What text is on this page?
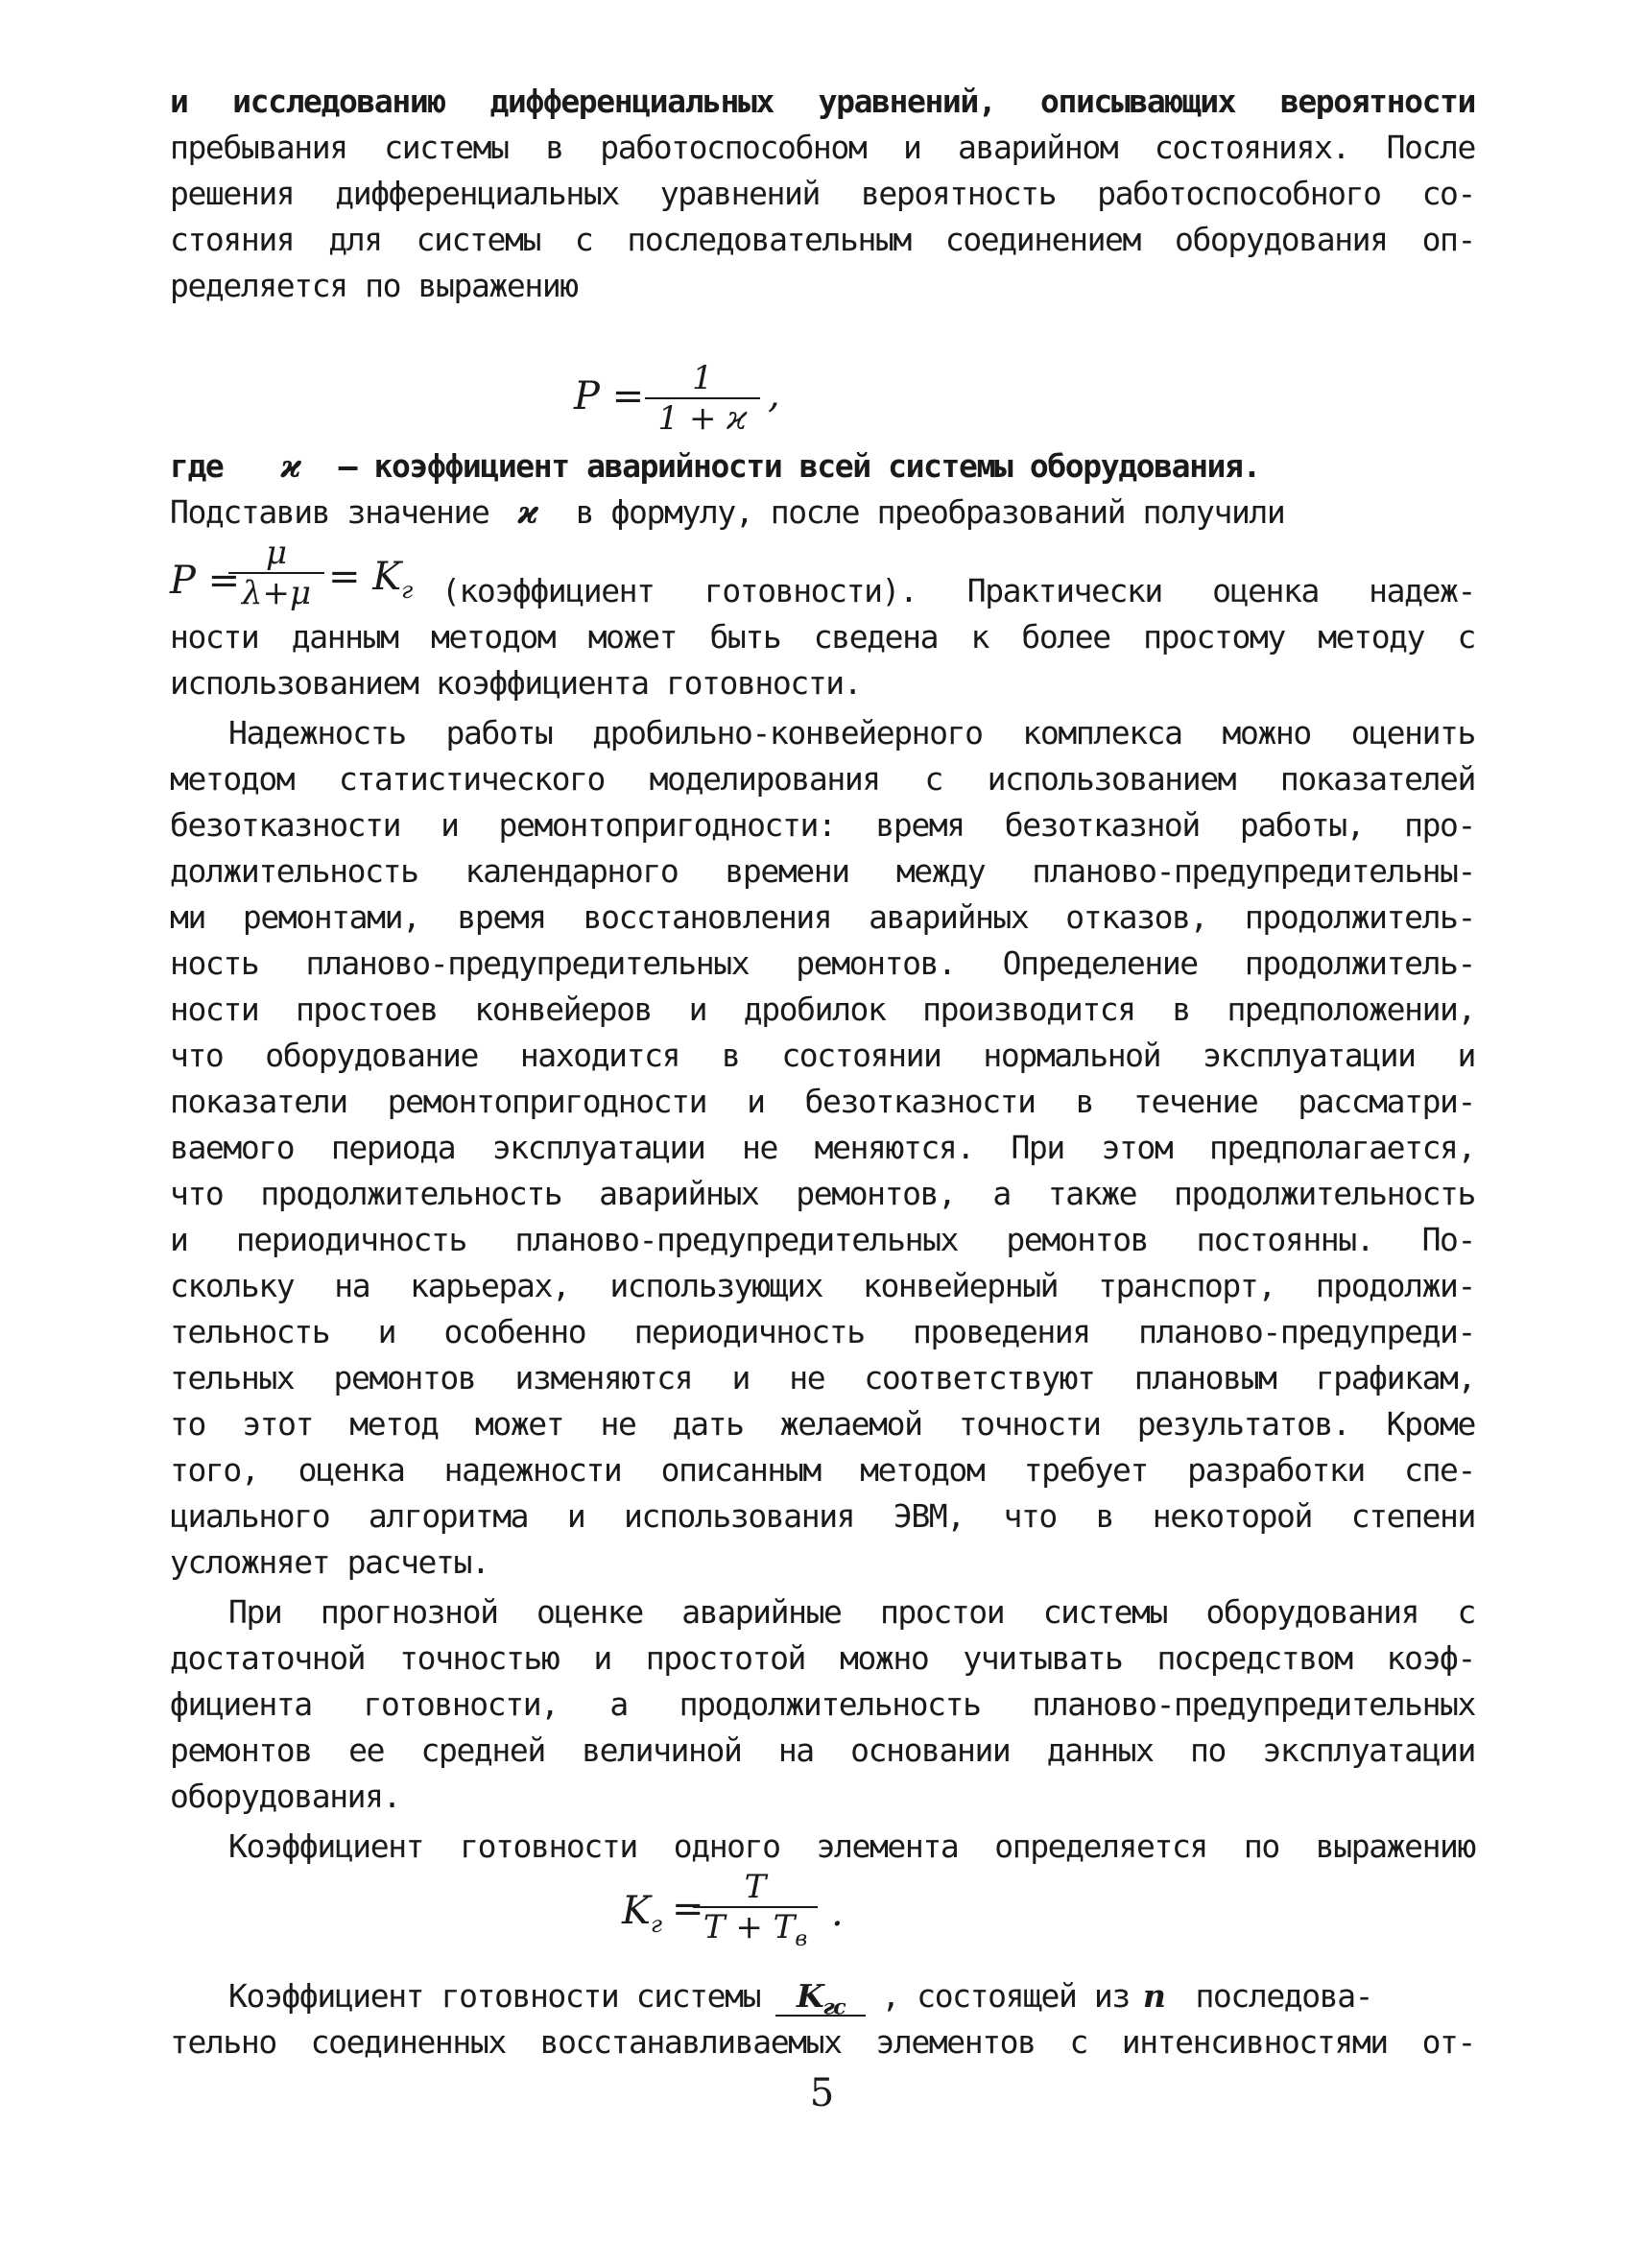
и исследованию дифференциальных уравнений, описывающих вероятности
пребывания системы в работоспособном и аварийном состояниях. После
решения дифференциальных уравнений вероятность работоспособного со-
стояния для системы с последовательным соединением оборудования оп-
ределяется по выражению
P =	1
1 + ϰ
,
где ϰ – коэффициент аварийности всей системы оборудования.
Подставив значение ϰ в формулу, после преобразований получили
P =
μ
$\lambda+\mu = K_г$ (коэффициент готовности). Практически оценка надеж-
ности данным методом может быть сведена к более простому методу с
использованием коэффициента готовности.
Надежность работы дробильно-конвейерного комплекса можно оценить
методом статистического моделирования с использованием показателей
безотказности и ремонтопригодности: время безотказной работы, про-
должительность календарного времени между планово-предупредительны-
ми ремонтами, время восстановления аварийных отказов, продолжитель-
ность планово-предупредительных ремонтов. Определение продолжитель-
ности простоев конвейеров и дробилок производится в предположении,
что оборудование находится в состоянии нормальной эксплуатации и
показатели ремонтопригодности и безотказности в течение рассматри-
ваемого периода эксплуатации не меняются. При этом предполагается,
что продолжительность аварийных ремонтов, а также продолжительность
и периодичность планово-предупредительных ремонтов постоянны. По-
скольку на карьерах, использующих конвейерный транспорт, продолжи-
тельность и особенно периодичность проведения планово-предупреди-
тельных ремонтов изменяются и не соответствуют плановым графикам,
то этот метод может не дать желаемой точности результатов. Кроме
того, оценка надежности описанным методом требует разработки спе-
циального алгоритма и использования ЭВМ, что в некоторой степени
усложняет расчеты.
При прогнозной оценке аварийные простои системы оборудования с
достаточной точностью и простотой можно учитывать посредством коэф-
фициента готовности, а продолжительность планово-предупредительных
ремонтов ее средней величиной на основании данных по эксплуатации
оборудования.
Коэффициент готовности одного элемента определяется по выражению
$K_г$ =	T
$T + T_в$
.
Коэффициент готовности системы $K_{гс}$ , состоящей из n последова-
тельно соединенных восстанавливаемых элементов с интенсивностями от-
5
